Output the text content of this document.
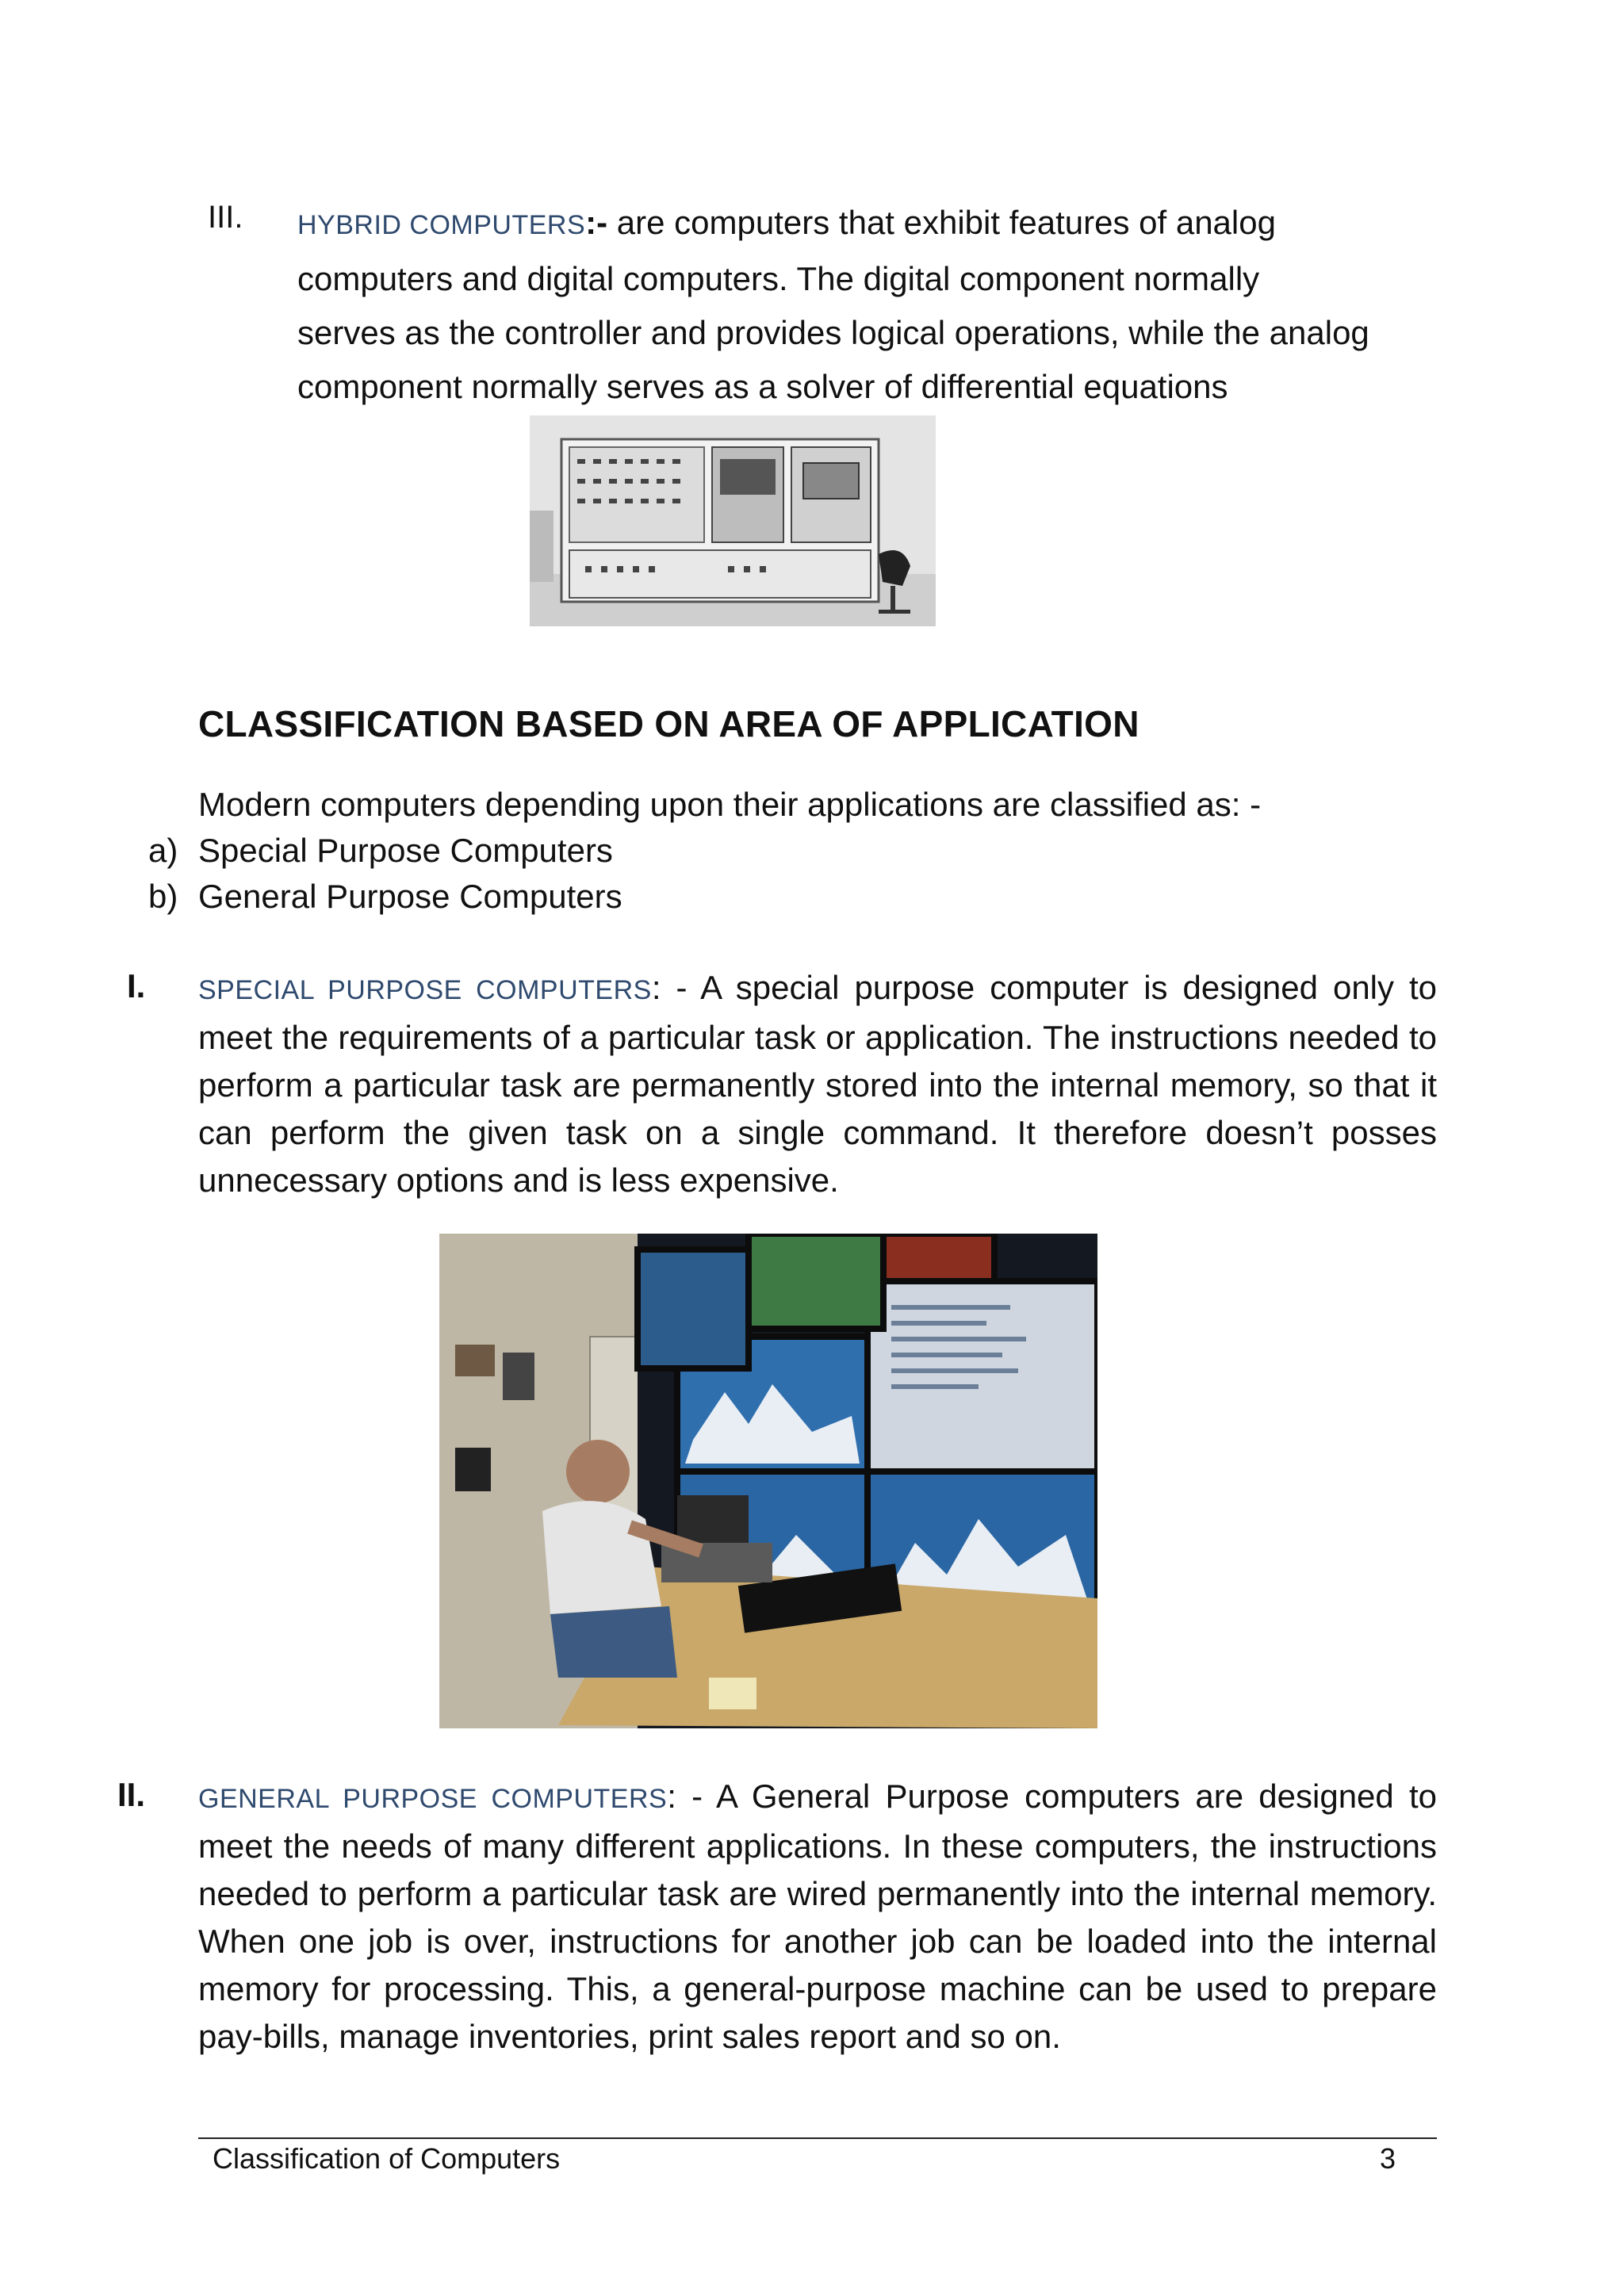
III. HYBRID COMPUTERS:- are computers that exhibit features of analog
computers and digital computers. The digital component normally
serves as the controller and provides logical operations, while the analog
component normally serves as a solver of differential equations
CLASSIFICATION BASED ON AREA OF APPLICATION
Modern computers depending upon their applications are classified as: -
a) Special Purpose Computers
b) General Purpose Computers
I. SPECIAL PURPOSE COMPUTERS: - A special purpose computer is designed only to meet the requirements of a particular task or application. The instructions needed to perform a particular task are permanently stored into the internal memory, so that it can perform the given task on a single command. It therefore doesn’t posses unnecessary options and is less expensive.
II. GENERAL PURPOSE COMPUTERS: - A General Purpose computers are designed to meet the needs of many different applications. In these computers, the instructions needed to perform a particular task are wired permanently into the internal memory. When one job is over, instructions for another job can be loaded into the internal memory for processing. This, a general-purpose machine can be used to prepare pay-bills, manage inventories, print sales report and so on.
Classification of Computers	3
